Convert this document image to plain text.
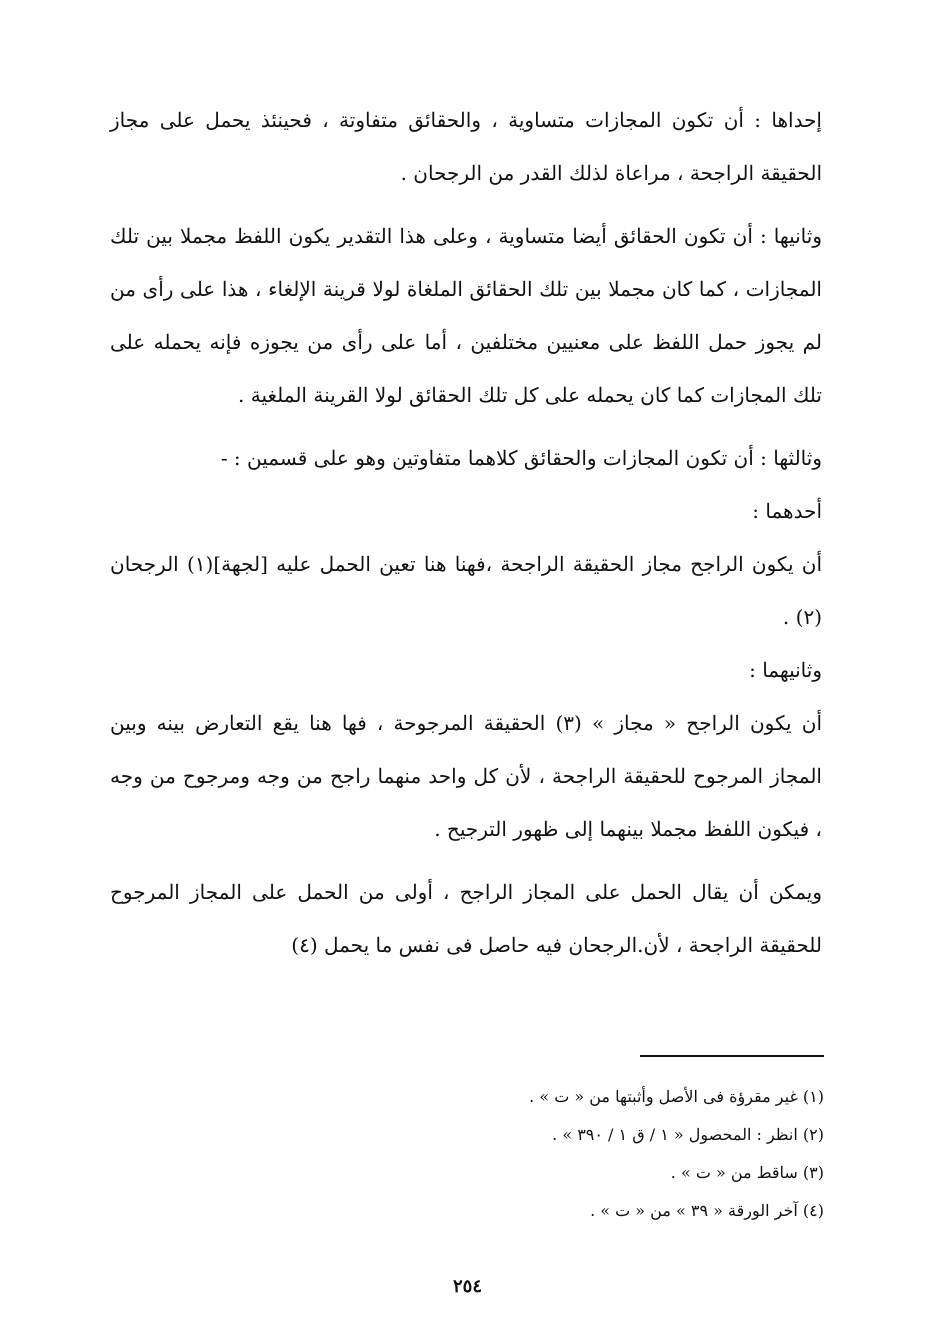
إحداها : أن تكون المجازات متساوية ، والحقائق متفاوتة ، فحينئذ يحمل على مجاز الحقيقة الراجحة ، مراعاة لذلك القدر من الرجحان .

وثانيها : أن تكون الحقائق أيضا متساوية ، وعلى هذا التقدير يكون اللفظ مجملا بين تلك المجازات ، كما كان مجملا بين تلك الحقائق الملغاة لولا قرينة الإلغاء ، هذا على رأى من لم يجوز حمل اللفظ على معنيين مختلفين ، أما على رأى من يجوزه فإنه يحمله على تلك المجازات كما كان يحمله على كل تلك الحقائق لولا القرينة الملغية .

وثالثها : أن تكون المجازات والحقائق كلاهما متفاوتين وهو على قسمين : -

أحدهما :

أن يكون الراجح مجاز الحقيقة الراجحة ،فهنا هنا تعين الحمل عليه [لجهة](١) الرجحان (٢) .

وثانيهما :

أن يكون الراجح « مجاز » (٣) الحقيقة المرجوحة ، فها هنا يقع التعارض بينه وبين المجاز المرجوح للحقيقة الراجحة ، لأن كل واحد منهما راجح من وجه ومرجوح من وجه ، فيكون اللفظ مجملا بينهما إلى ظهور الترجيح .

ويمكن أن يقال الحمل على المجاز الراجح ، أولى من الحمل على المجاز المرجوح للحقيقة الراجحة ، لأن.الرجحان فيه حاصل فى نفس ما يحمل (٤)

(١) غير مقرؤة فى الأصل وأثبتها من « ت » .

(٢) انظر : المحصول « ١ / ق ١ / ٣٩٠ » .

(٣) ساقط من « ت » .

(٤) آخر الورقة « ٣٩ » من « ت » .

٢٥٤
